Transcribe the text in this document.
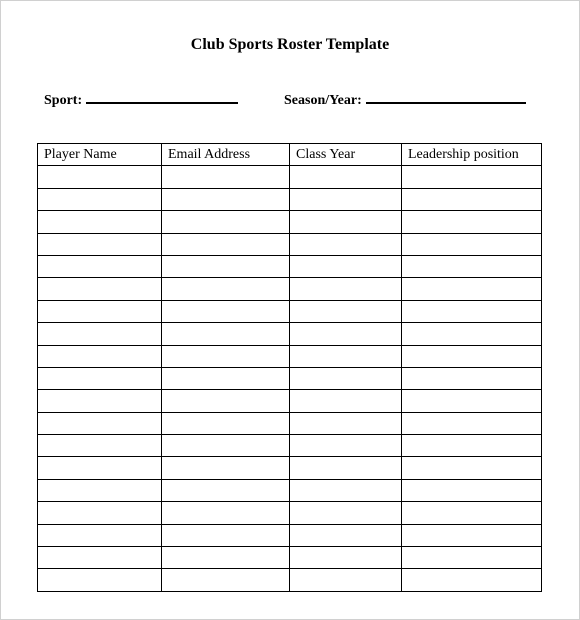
Club Sports Roster Template
Sport:	Season/Year:
Player Name	Email Address	Class Year	Leadership position
